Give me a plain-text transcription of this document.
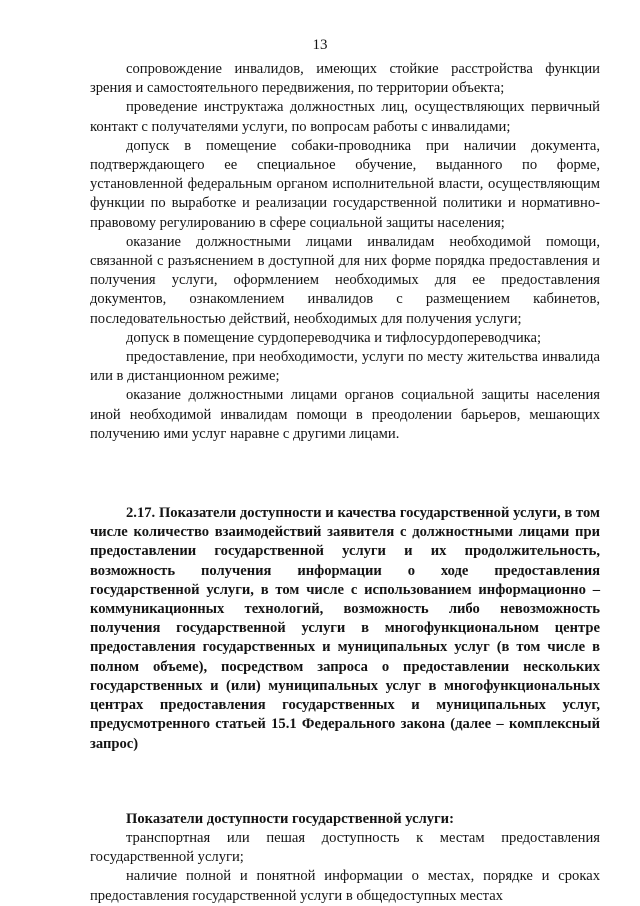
13

сопровождение инвалидов, имеющих стойкие расстройства функции зрения и самостоятельного передвижения, по территории объекта;

проведение инструктажа должностных лиц, осуществляющих первичный контакт с получателями услуги, по вопросам работы с инвалидами;

допуск в помещение собаки-проводника при наличии документа, подтверждающего ее специальное обучение, выданного по форме, установленной федеральным органом исполнительной власти, осуществляющим функции по выработке и реализации государственной политики и нормативно-правовому регулированию в сфере социальной защиты населения;

оказание должностными лицами инвалидам необходимой помощи, связанной с разъяснением в доступной для них форме порядка предоставления и получения услуги, оформлением необходимых для ее предоставления документов, ознакомлением инвалидов с размещением кабинетов, последовательностью действий, необходимых для получения услуги;

допуск в помещение сурдопереводчика и тифлосурдопереводчика;

предоставление, при необходимости, услуги по месту жительства инвалида или в дистанционном режиме;

оказание должностными лицами органов социальной защиты населения иной необходимой инвалидам помощи в преодолении барьеров, мешающих получению ими услуг наравне с другими лицами.

2.17. Показатели доступности и качества государственной услуги, в том числе количество взаимодействий заявителя с должностными лицами при предоставлении государственной услуги и их продолжительность, возможность получения информации о ходе предоставления государственной услуги, в том числе с использованием информационно – коммуникационных технологий, возможность либо невозможность получения государственной услуги в многофункциональном центре предоставления государственных и муниципальных услуг (в том числе в полном объеме), посредством запроса о предоставлении нескольких государственных и (или) муниципальных услуг в многофункциональных центрах предоставления государственных и муниципальных услуг, предусмотренного статьей 15.1 Федерального закона (далее – комплексный запрос)

Показатели доступности государственной услуги:

транспортная или пешая доступность к местам предоставления государственной услуги;

наличие полной и понятной информации о местах, порядке и сроках предоставления государственной услуги в общедоступных местах
